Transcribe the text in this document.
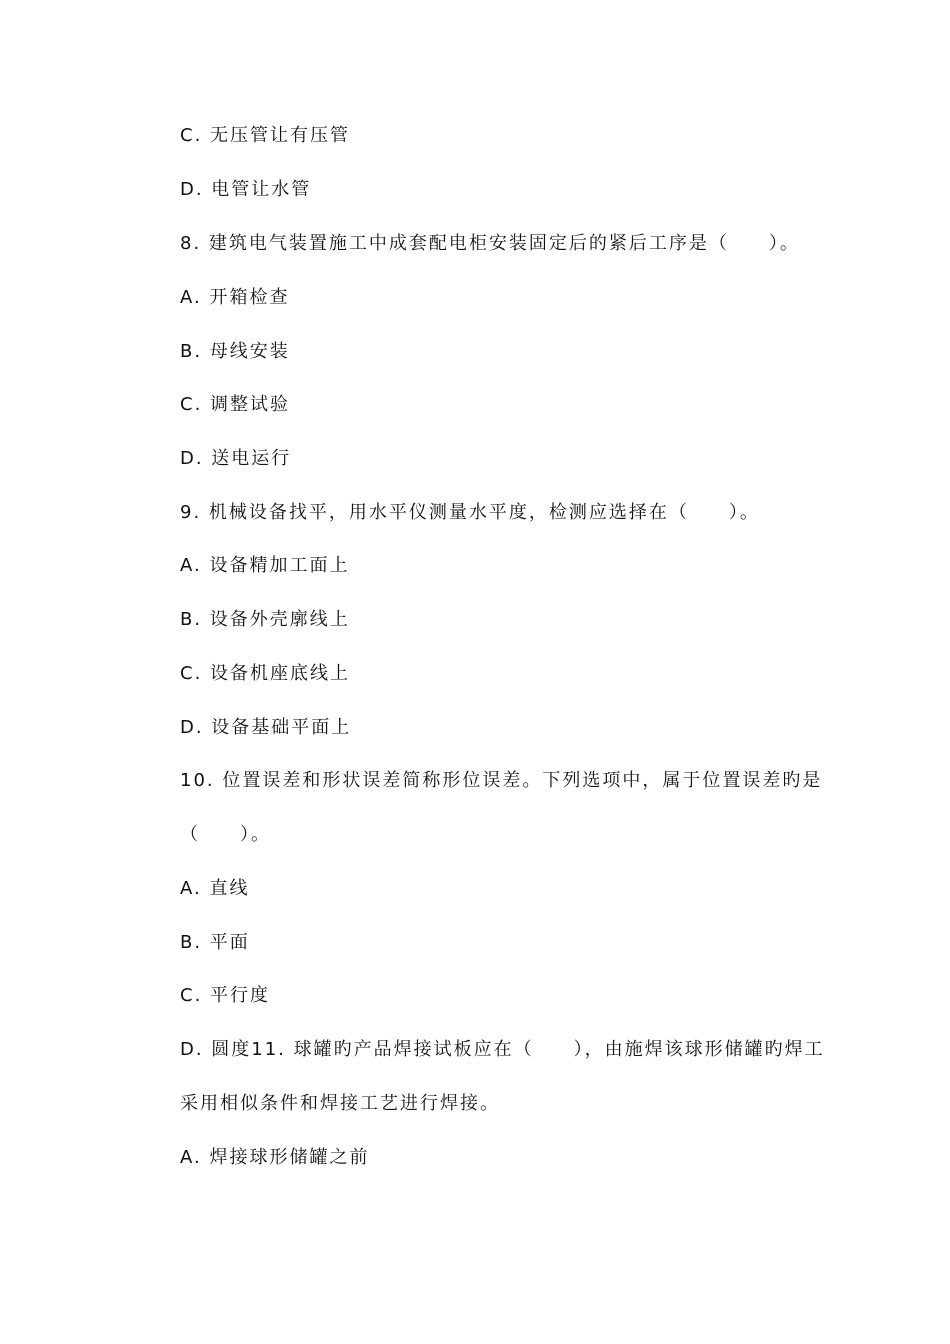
C. 无压管让有压管
D. 电管让水管
8. 建筑电气装置施工中成套配电柜安装固定后的紧后工序是（　　）。
A. 开箱检查
B. 母线安装
C. 调整试验
D. 送电运行
9. 机械设备找平，用水平仪测量水平度，检测应选择在（　　）。
A. 设备精加工面上
B. 设备外壳廓线上
C. 设备机座底线上
D. 设备基础平面上
10. 位置误差和形状误差简称形位误差。下列选项中，属于位置误差旳是
（　　）。
A. 直线
B. 平面
C. 平行度
D. 圆度11. 球罐旳产品焊接试板应在（　　），由施焊该球形储罐旳焊工
采用相似条件和焊接工艺进行焊接。
A. 焊接球形储罐之前
